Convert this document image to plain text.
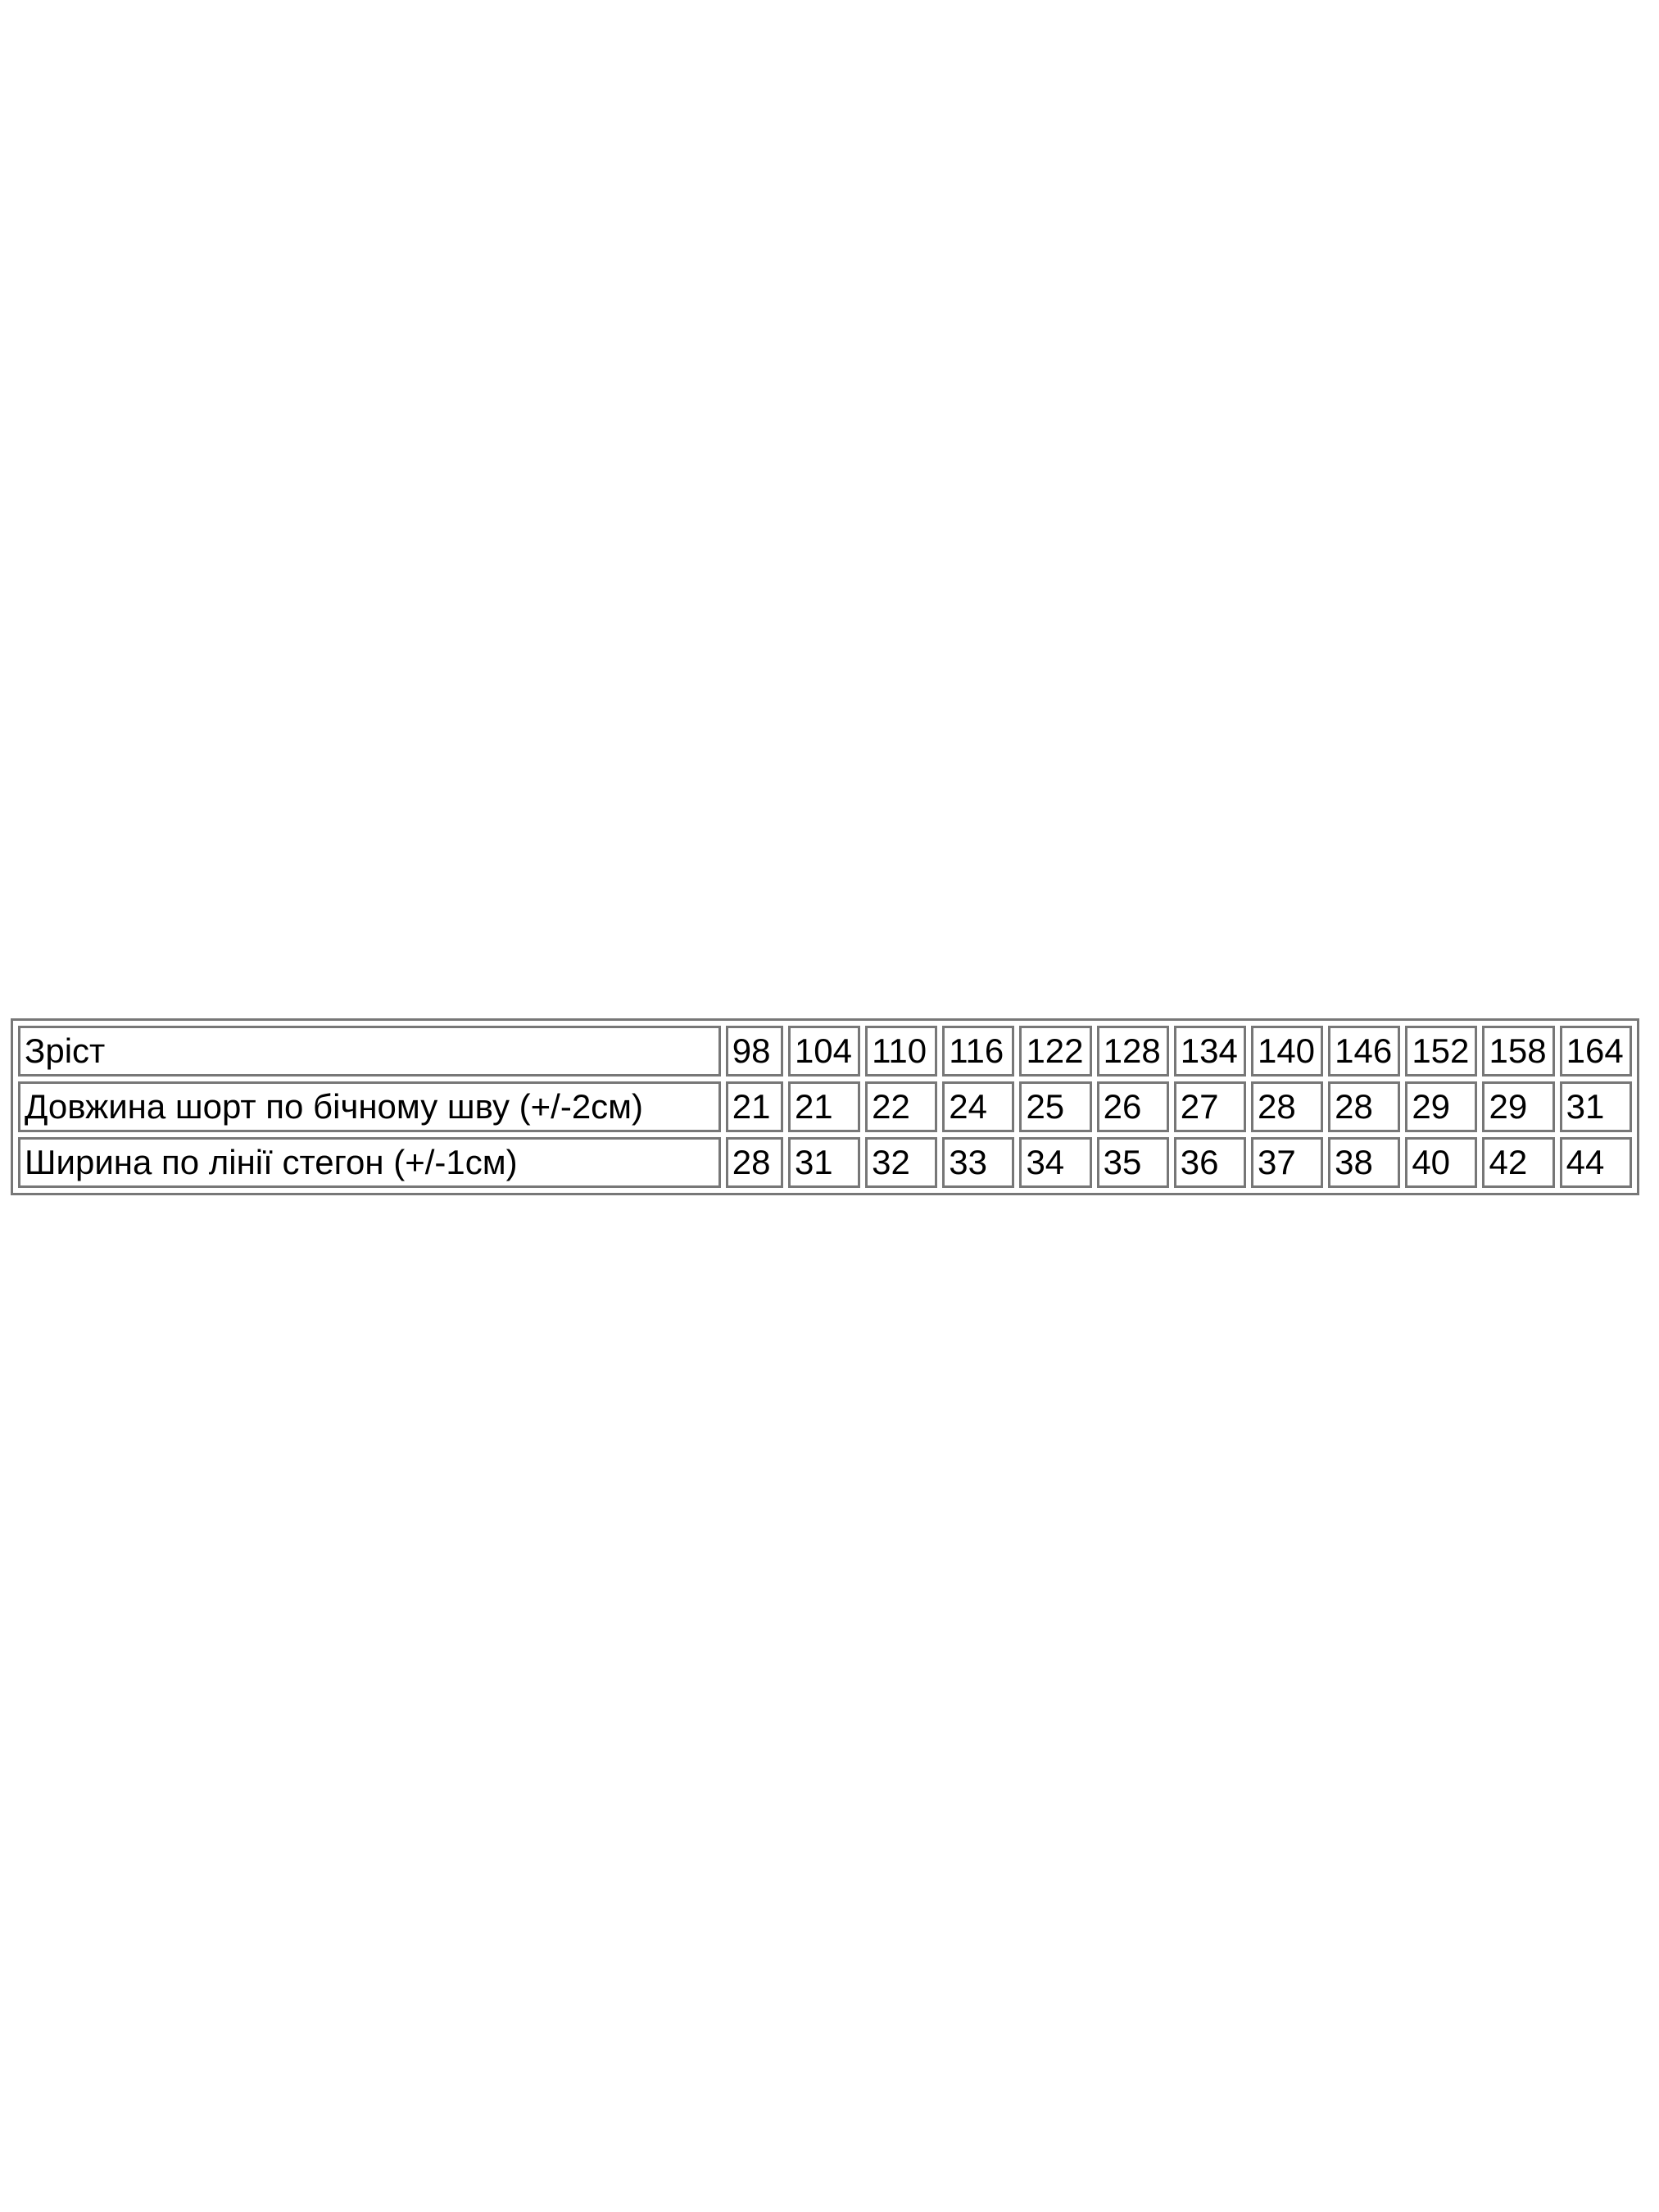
Зріст	98	104	110	116	122	128	134	140	146	152	158	164
Довжина шорт по бічному шву (+/-2см)	21	21	22	24	25	26	27	28	28	29	29	31
Ширина по лінії стегон (+/-1см)	28	31	32	33	34	35	36	37	38	40	42	44
